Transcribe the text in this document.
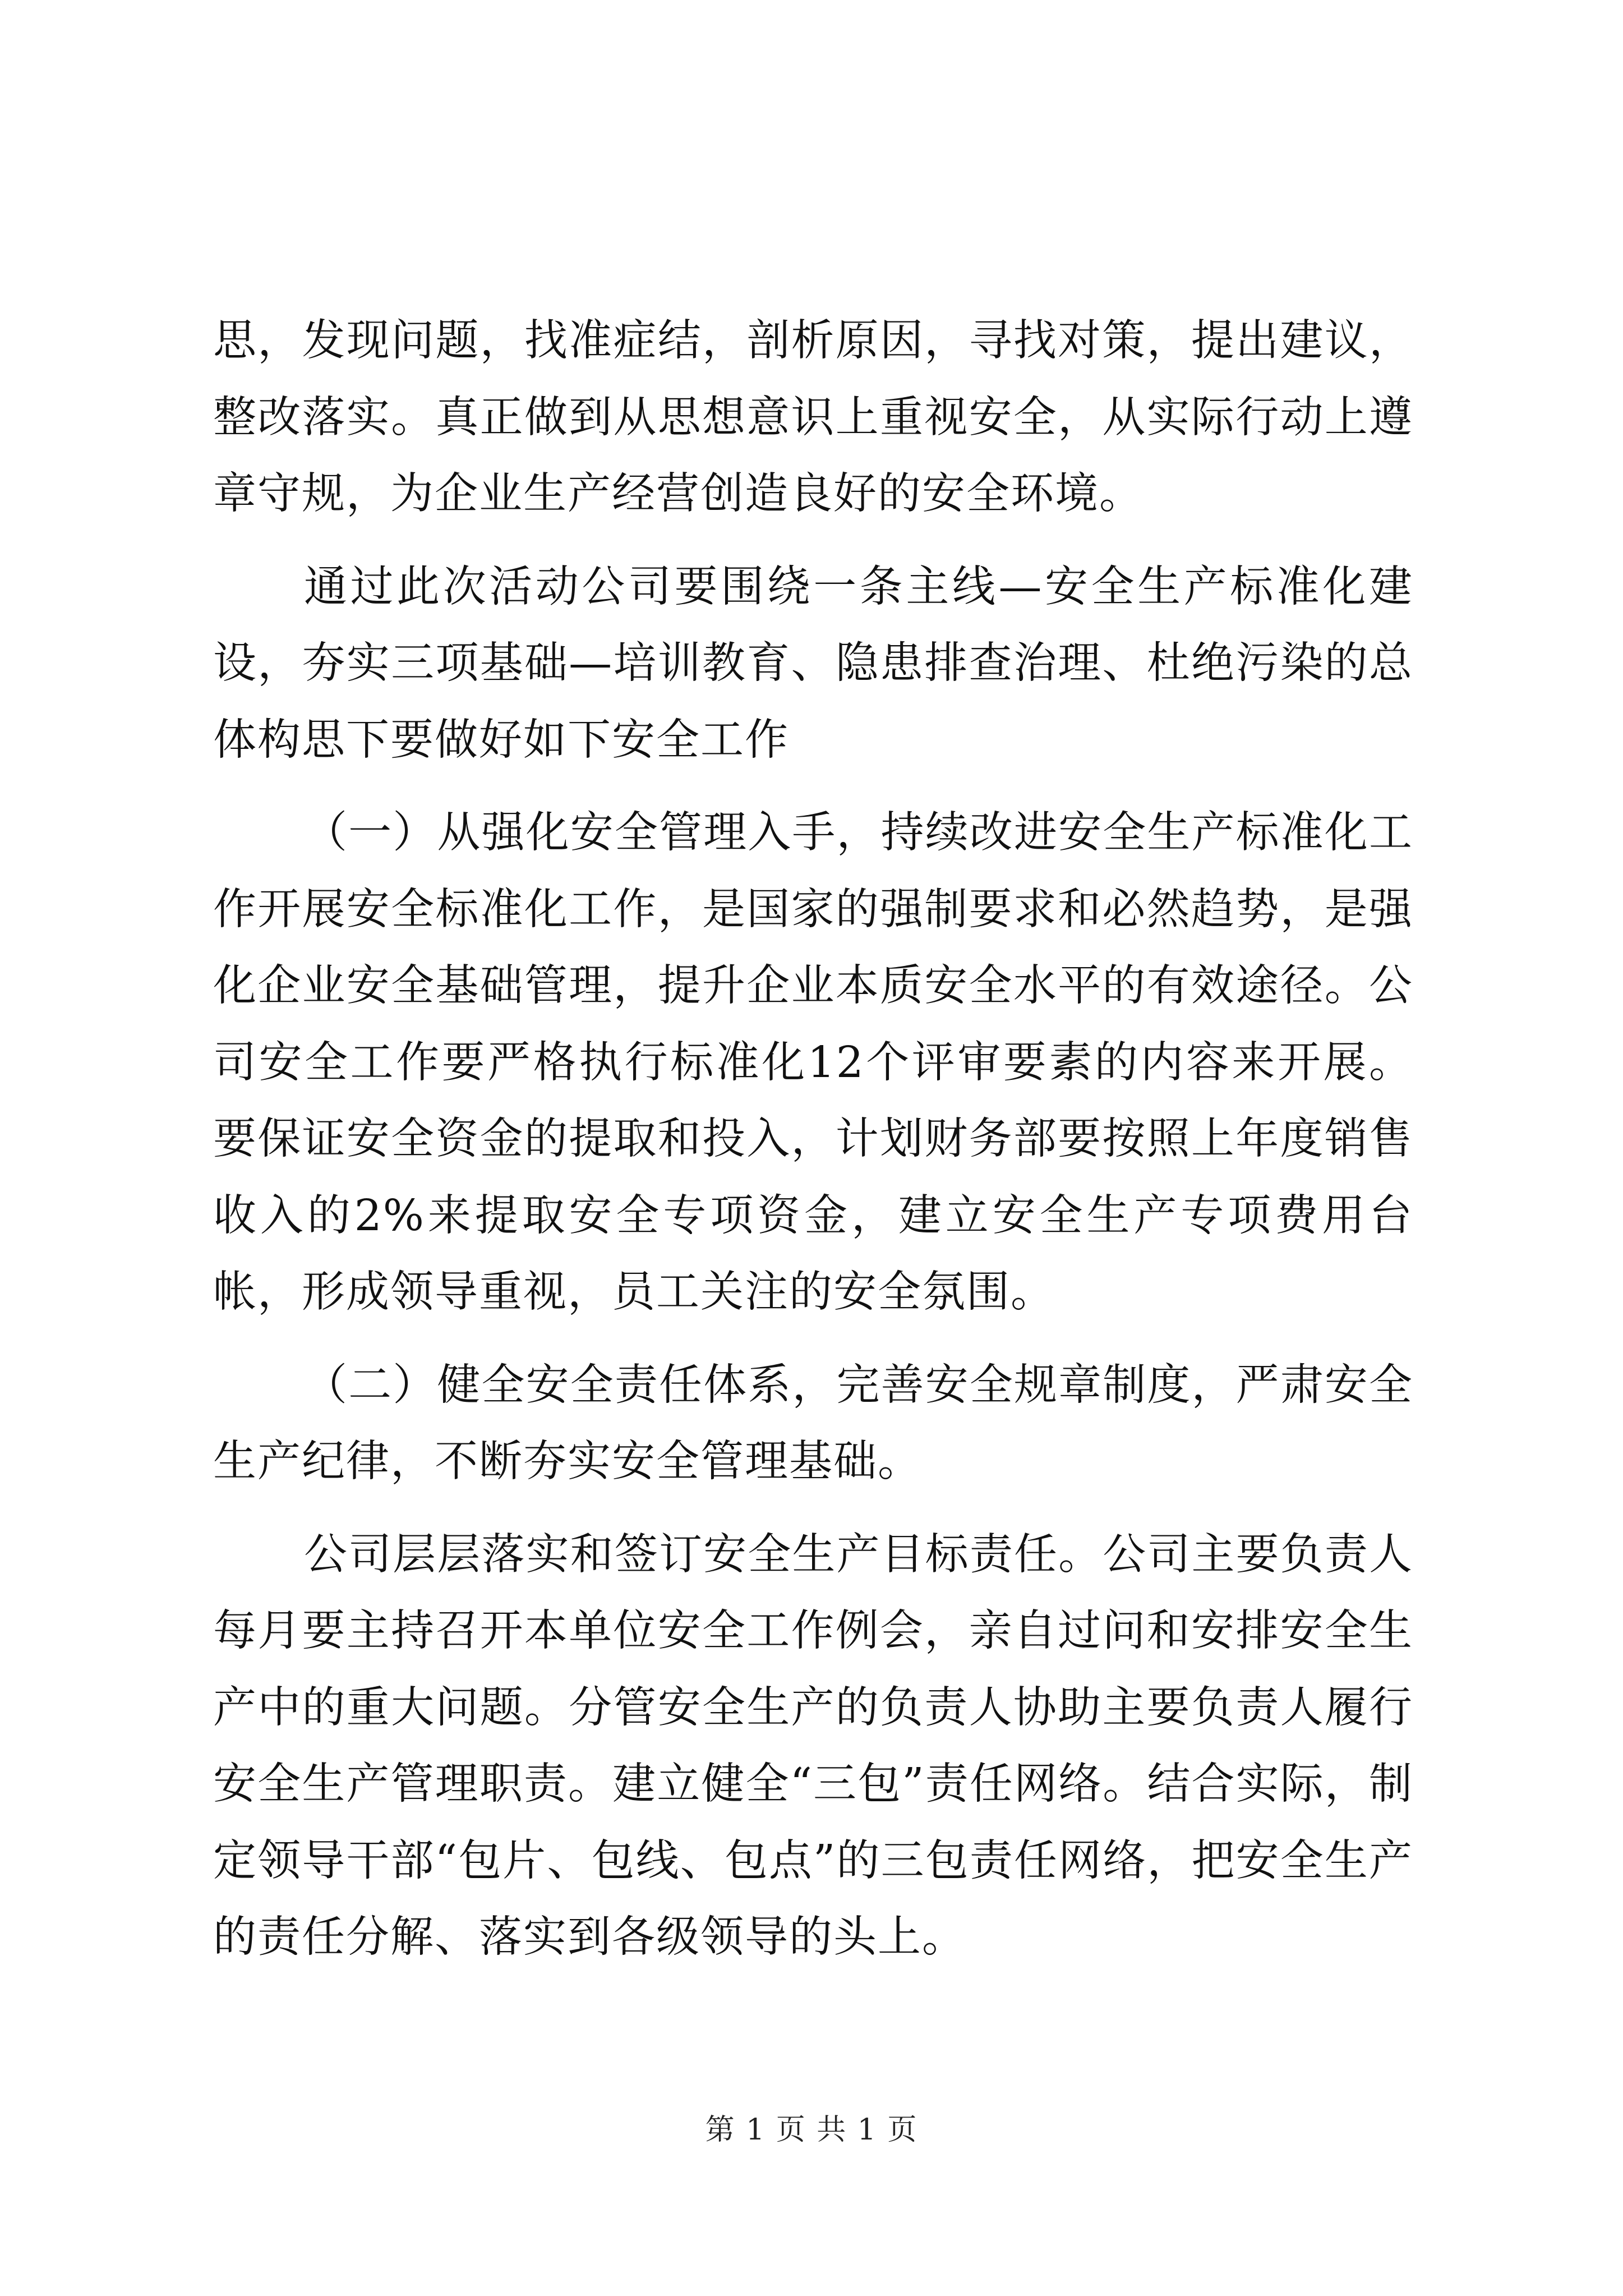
思，发现问题，找准症结，剖析原因，寻找对策，提出建议，整改落实。真正做到从思想意识上重视安全，从实际行动上遵章守规，为企业生产经营创造良好的安全环境。

通过此次活动公司要围绕一条主线—安全生产标准化建设，夯实三项基础—培训教育、隐患排查治理、杜绝污染的总体构思下要做好如下安全工作

（一）从强化安全管理入手，持续改进安全生产标准化工作开展安全标准化工作，是国家的强制要求和必然趋势，是强化企业安全基础管理，提升企业本质安全水平的有效途径。公司安全工作要严格执行标准化12个评审要素的内容来开展。要保证安全资金的提取和投入，计划财务部要按照上年度销售收入的2%来提取安全专项资金，建立安全生产专项费用台帐，形成领导重视，员工关注的安全氛围。

（二）健全安全责任体系，完善安全规章制度，严肃安全生产纪律，不断夯实安全管理基础。

公司层层落实和签订安全生产目标责任。公司主要负责人每月要主持召开本单位安全工作例会，亲自过问和安排安全生产中的重大问题。分管安全生产的负责人协助主要负责人履行安全生产管理职责。建立健全“三包”责任网络。结合实际，制定领导干部“包片、包线、包点”的三包责任网络，把安全生产的责任分解、落实到各级领导的头上。

第 1 页 共 1 页
